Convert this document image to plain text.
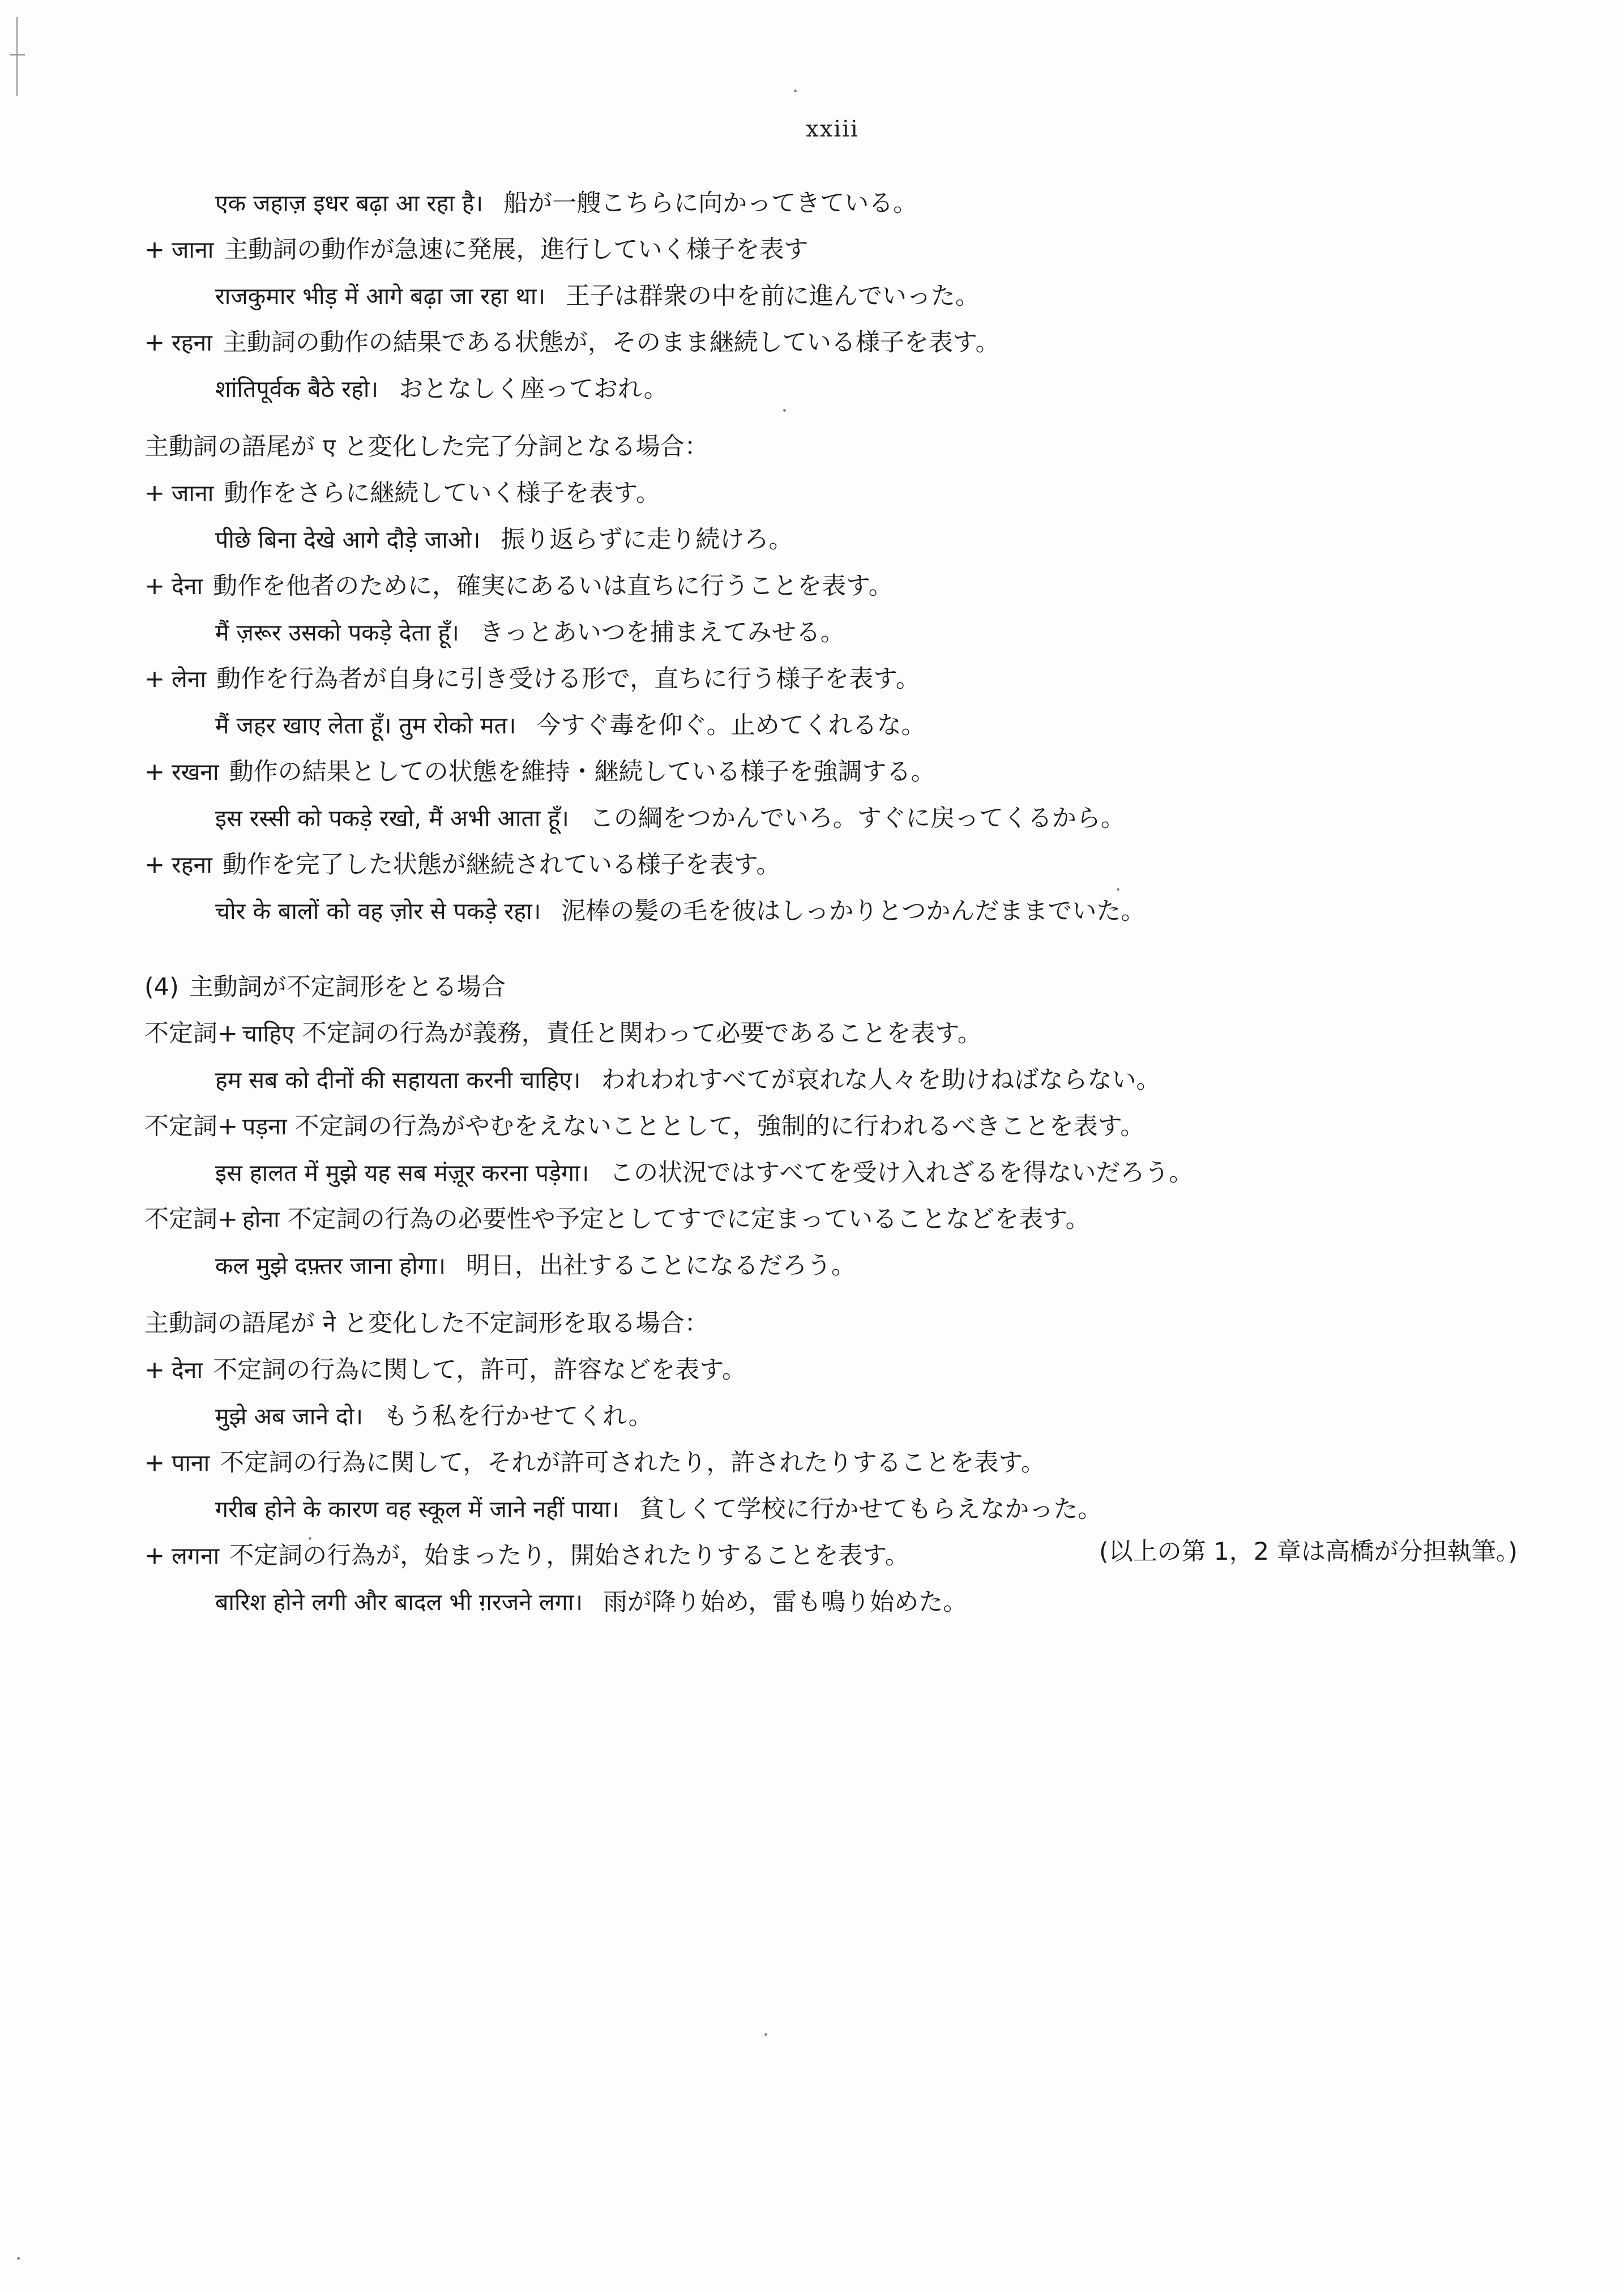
xxiii
एक जहाज़ इधर बढ़ा आ रहा है। 船が一艘こちらに向かってきている。
+ जाना 主動詞の動作が急速に発展，進行していく様子を表す
राजकुमार भीड़ में आगे बढ़ा जा रहा था। 王子は群衆の中を前に進んでいった。
+ रहना 主動詞の動作の結果である状態が，そのまま継続している様子を表す。
शांतिपूर्वक बैठे रहो। おとなしく座っておれ。
主動詞の語尾が ए と変化した完了分詞となる場合：
+ जाना 動作をさらに継続していく様子を表す。
पीछे बिना देखे आगे दौड़े जाओ। 振り返らずに走り続けろ。
+ देना 動作を他者のために，確実にあるいは直ちに行うことを表す。
मैं ज़रूर उसको पकड़े देता हूँ। きっとあいつを捕まえてみせる。
+ लेना 動作を行為者が自身に引き受ける形で，直ちに行う様子を表す。
मैं जहर खाए लेता हूँ। तुम रोको मत। 今すぐ毒を仰ぐ。止めてくれるな。
+ रखना 動作の結果としての状態を維持・継続している様子を強調する。
इस रस्सी को पकड़े रखो, मैं अभी आता हूँ। この綱をつかんでいろ。すぐに戻ってくるから。
+ रहना 動作を完了した状態が継続されている様子を表す。
चोर के बालों को वह ज़ोर से पकड़े रहा। 泥棒の髪の毛を彼はしっかりとつかんだままでいた。
(4) 主動詞が不定詞形をとる場合
不定詞+ चाहिए 不定詞の行為が義務，責任と関わって必要であることを表す。
हम सब को दीनों की सहायता करनी चाहिए। われわれすべてが哀れな人々を助けねばならない。
不定詞+ पड़ना 不定詞の行為がやむをえないこととして，強制的に行われるべきことを表す。
इस हालत में मुझे यह सब मंज़ूर करना पड़ेगा। この状況ではすべてを受け入れざるを得ないだろう。
不定詞+ होना 不定詞の行為の必要性や予定としてすでに定まっていることなどを表す。
कल मुझे दफ़्तर जाना होगा। 明日，出社することになるだろう。
主動詞の語尾が ने と変化した不定詞形を取る場合：
+ देना 不定詞の行為に関して，許可，許容などを表す。
मुझे अब जाने दो। もう私を行かせてくれ。
+ पाना 不定詞の行為に関して，それが許可されたり，許されたりすることを表す。
गरीब होने के कारण वह स्कूल में जाने नहीं पाया। 貧しくて学校に行かせてもらえなかった。
+ लगना 不定詞の行為が，始まったり，開始されたりすることを表す。
बारिश होने लगी और बादल भी ग़रजने लगा। 雨が降り始め，雷も鳴り始めた。
(以上の第 1，2 章は高橋が分担執筆。)
